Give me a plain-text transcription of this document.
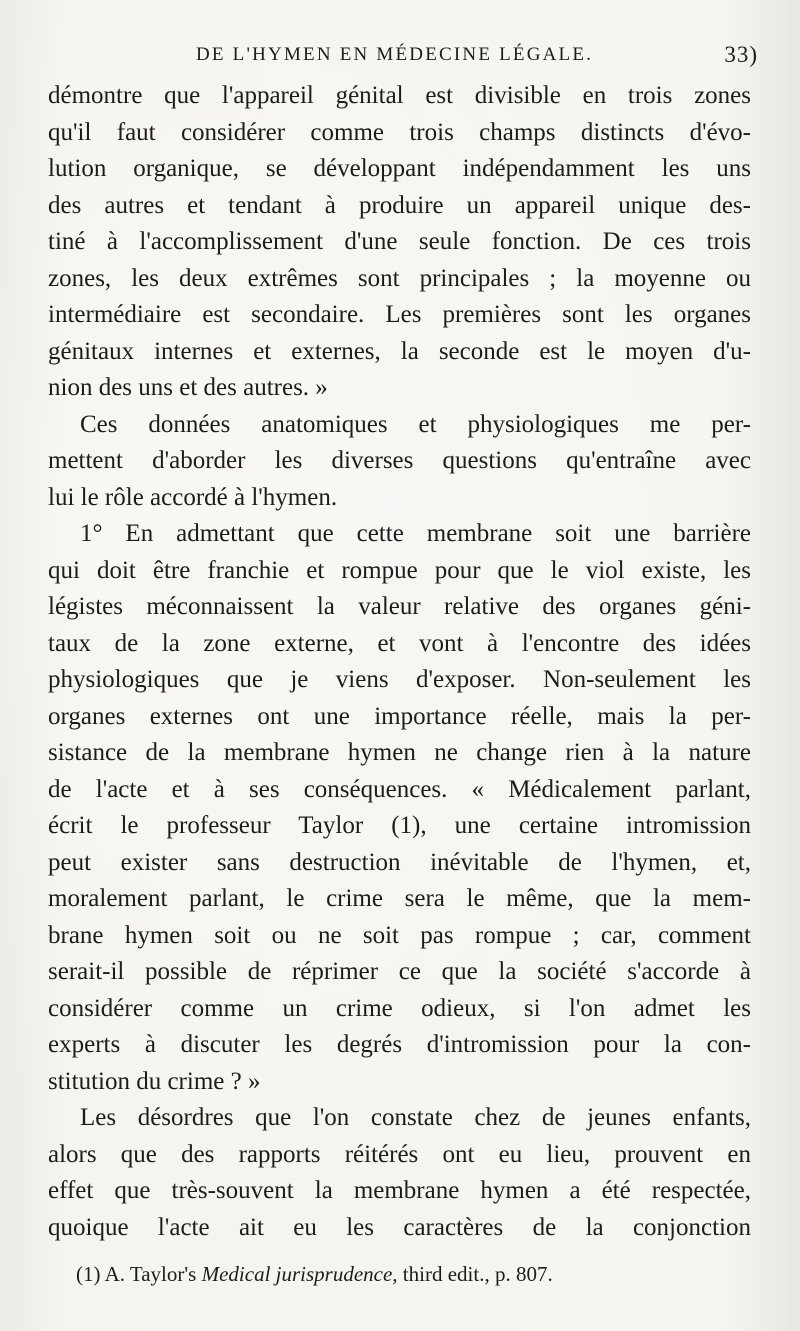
DE L'HYMEN EN MÉDECINE LÉGALE.	33)
démontre que l'appareil génital est divisible en trois zones
qu'il faut considérer comme trois champs distincts d'évo-
lution organique, se développant indépendamment les uns
des autres et tendant à produire un appareil unique des-
tiné à l'accomplissement d'une seule fonction. De ces trois
zones, les deux extrêmes sont principales ; la moyenne ou
intermédiaire est secondaire. Les premières sont les organes
génitaux internes et externes, la seconde est le moyen d'u-
nion des uns et des autres. »
Ces données anatomiques et physiologiques me per-
mettent d'aborder les diverses questions qu'entraîne avec
lui le rôle accordé à l'hymen.
1° En admettant que cette membrane soit une barrière
qui doit être franchie et rompue pour que le viol existe, les
légistes méconnaissent la valeur relative des organes géni-
taux de la zone externe, et vont à l'encontre des idées
physiologiques que je viens d'exposer. Non-seulement les
organes externes ont une importance réelle, mais la per-
sistance de la membrane hymen ne change rien à la nature
de l'acte et à ses conséquences. « Médicalement parlant,
écrit le professeur Taylor (1), une certaine intromission
peut exister sans destruction inévitable de l'hymen, et,
moralement parlant, le crime sera le même, que la mem-
brane hymen soit ou ne soit pas rompue ; car, comment
serait-il possible de réprimer ce que la société s'accorde à
considérer comme un crime odieux, si l'on admet les
experts à discuter les degrés d'intromission pour la con-
stitution du crime ? »
Les désordres que l'on constate chez de jeunes enfants,
alors que des rapports réitérés ont eu lieu, prouvent en
effet que très-souvent la membrane hymen a été respectée,
quoique l'acte ait eu les caractères de la conjonction
(1) A. Taylor's Medical jurisprudence, third edit., p. 807.
